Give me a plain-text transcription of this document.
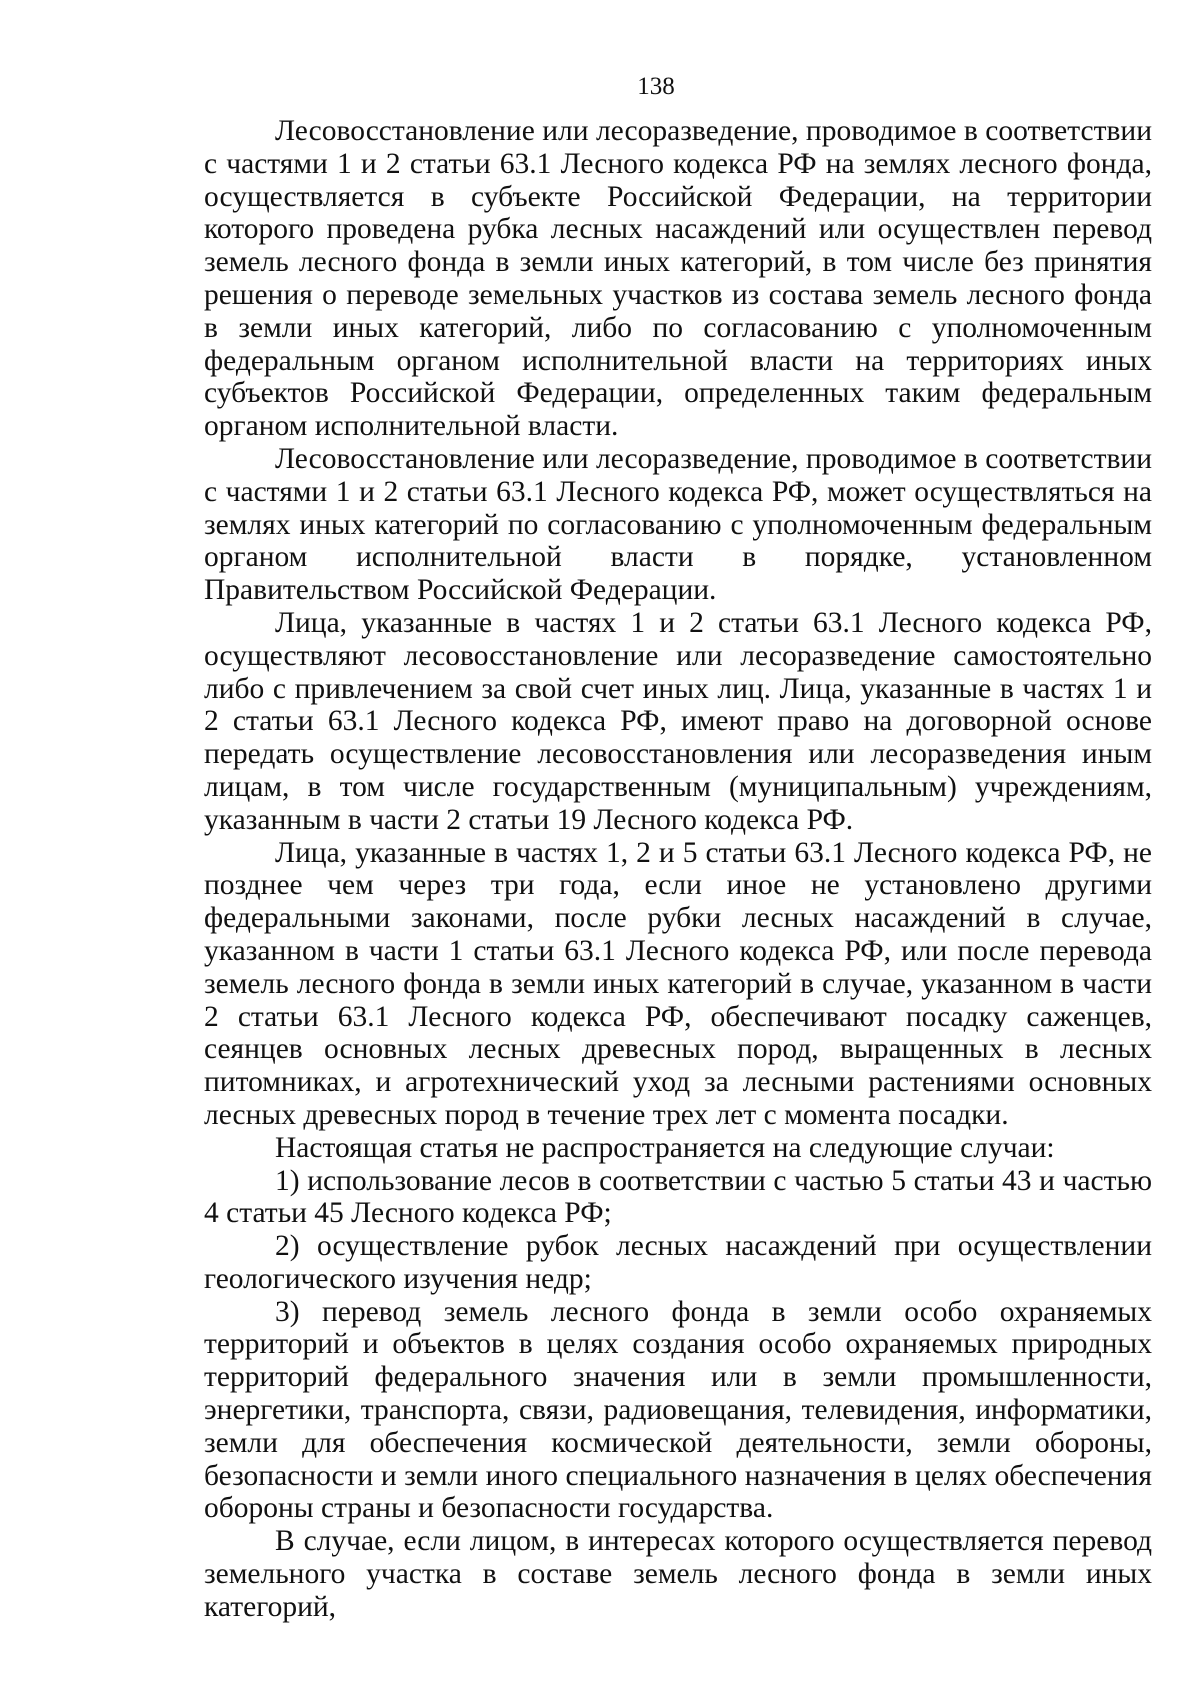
138

Лесовосстановление или лесоразведение, проводимое в соответствии с частями 1 и 2 статьи 63.1 Лесного кодекса РФ на землях лесного фонда, осуществляется в субъекте Российской Федерации, на территории которого проведена рубка лесных насаждений или осуществлен перевод земель лесного фонда в земли иных категорий, в том числе без принятия решения о переводе земельных участков из состава земель лесного фонда в земли иных категорий, либо по согласованию с уполномоченным федеральным органом исполнительной власти на территориях иных субъектов Российской Федерации, определенных таким федеральным органом исполнительной власти.

Лесовосстановление или лесоразведение, проводимое в соответствии с частями 1 и 2 статьи 63.1 Лесного кодекса РФ, может осуществляться на землях иных категорий по согласованию с уполномоченным федеральным органом исполнительной власти в порядке, установленном Правительством Российской Федерации.

Лица, указанные в частях 1 и 2 статьи 63.1 Лесного кодекса РФ, осуществляют лесовосстановление или лесоразведение самостоятельно либо с привлечением за свой счет иных лиц. Лица, указанные в частях 1 и 2 статьи 63.1 Лесного кодекса РФ, имеют право на договорной основе передать осуществление лесовосстановления или лесоразведения иным лицам, в том числе государственным (муниципальным) учреждениям, указанным в части 2 статьи 19 Лесного кодекса РФ.

Лица, указанные в частях 1, 2 и 5 статьи 63.1 Лесного кодекса РФ, не позднее чем через три года, если иное не установлено другими федеральными законами, после рубки лесных насаждений в случае, указанном в части 1 статьи 63.1 Лесного кодекса РФ, или после перевода земель лесного фонда в земли иных категорий в случае, указанном в части 2 статьи 63.1 Лесного кодекса РФ, обеспечивают посадку саженцев, сеянцев основных лесных древесных пород, выращенных в лесных питомниках, и агротехнический уход за лесными растениями основных лесных древесных пород в течение трех лет с момента посадки.

Настоящая статья не распространяется на следующие случаи:

1) использование лесов в соответствии с частью 5 статьи 43 и частью 4 статьи 45 Лесного кодекса РФ;

2) осуществление рубок лесных насаждений при осуществлении геологического изучения недр;

3) перевод земель лесного фонда в земли особо охраняемых территорий и объектов в целях создания особо охраняемых природных территорий федерального значения или в земли промышленности, энергетики, транспорта, связи, радиовещания, телевидения, информатики, земли для обеспечения космической деятельности, земли обороны, безопасности и земли иного специального назначения в целях обеспечения обороны страны и безопасности государства.

В случае, если лицом, в интересах которого осуществляется перевод земельного участка в составе земель лесного фонда в земли иных категорий,
